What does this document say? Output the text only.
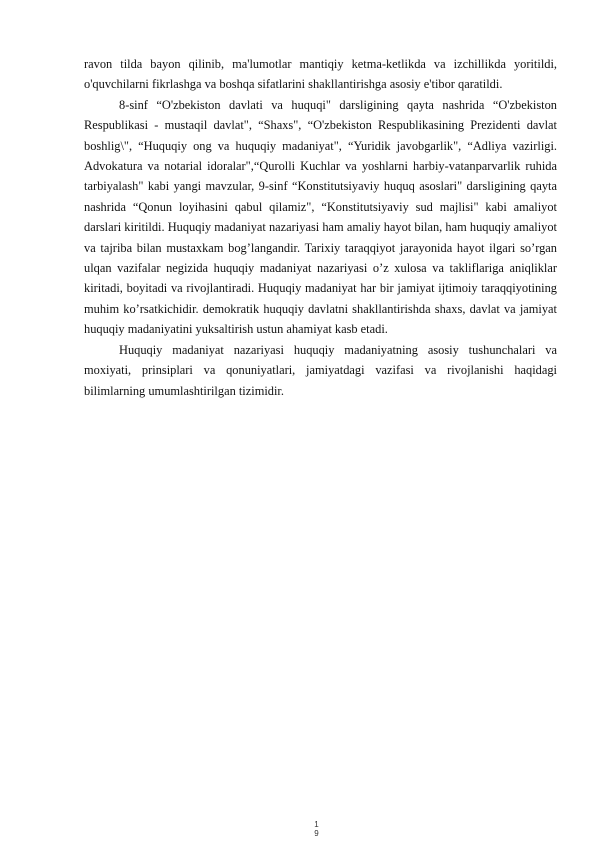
ravon tilda bayon qilinib, ma'lumotlar mantiqiy ketma-ketlikda va izchillikda yoritildi, o'quvchilarni fikrlashga va boshqa sifatlarini shakllantirishga asosiy e'tibor qaratildi.

8-sinf “O'zbekiston davlati va huquqi" darsligining qayta nashrida “O'zbekiston Respublikasi - mustaqil davlat", “Shaxs", “O'zbekiston Respublikasining Prezidenti davlat boshlig\", “Huquqiy ong va huquqiy madaniyat", “Yuridik javobgarlik", “Adliya vazirligi. Advokatura va notarial idoralar",“Qurolli Kuchlar va yoshlarni harbiy-vatanparvarlik ruhida tarbiyalash" kabi yangi mavzular, 9-sinf “Konstitutsiyaviy huquq asoslari" darsligining qayta nashrida “Qonun loyihasini qabul qilamiz", “Konstitutsiyaviy sud majlisi" kabi amaliyot darslari kiritildi. Huquqiy madaniyat nazariyasi ham amaliy hayot bilan, ham huquqiy amaliyot va tajriba bilan mustaxkam bog’langandir. Tarixiy taraqqiyot jarayonida hayot ilgari so’rgan ulqan vazifalar negizida huquqiy madaniyat nazariyasi o’z xulosa va takliflariga aniqliklar kiritadi, boyitadi va rivojlantiradi. Huquqiy madaniyat har bir jamiyat ijtimoiy taraqqiyotining muhim ko’rsatkichidir. demokratik huquqiy davlatni shakllantirishda shaxs, davlat va jamiyat huquqiy madaniyatini yuksaltirish ustun ahamiyat kasb etadi.

Huquqiy madaniyat nazariyasi huquqiy madaniyatning asosiy tushunchalari va moxiyati, prinsiplari va qonuniyatlari, jamiyatdagi vazifasi va rivojlanishi haqidagi bilimlarning umumlashtirilgan tizimidir.

1
9
